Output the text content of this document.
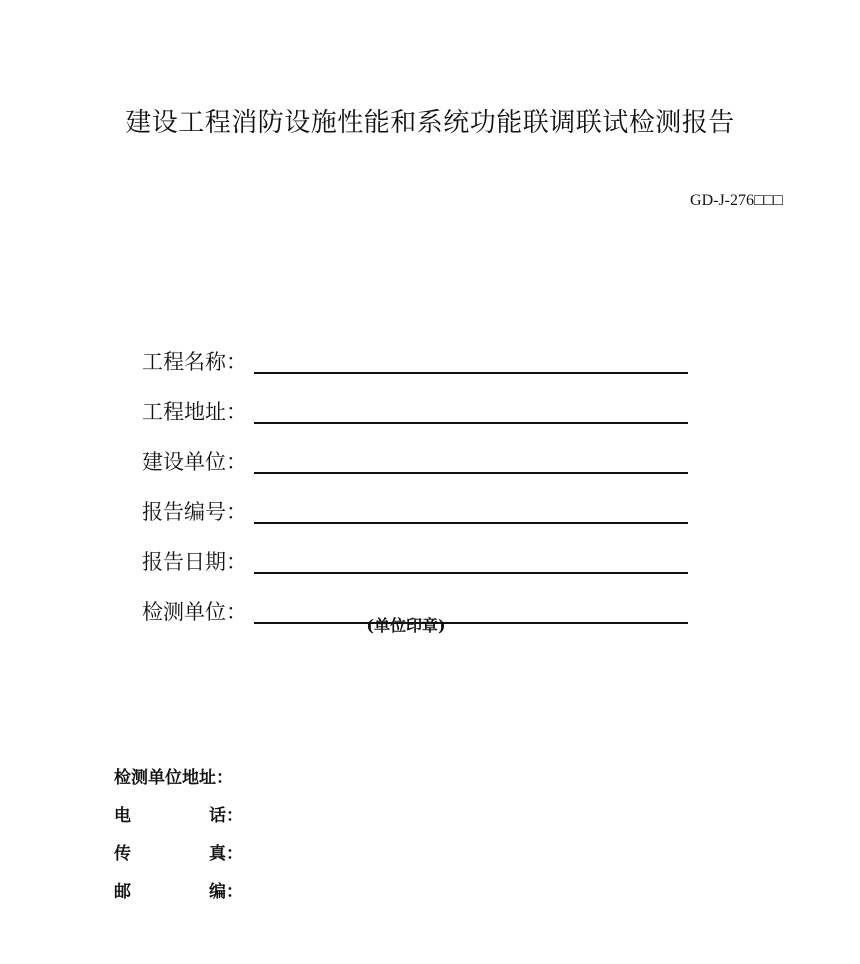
建设工程消防设施性能和系统功能联调联试检测报告
GD-J-276□□□
工程名称：
工程地址：
建设单位：
报告编号：
报告日期：
检测单位：
(单位印章)
检测单位地址：
电	话：
传	真：
邮	编：
